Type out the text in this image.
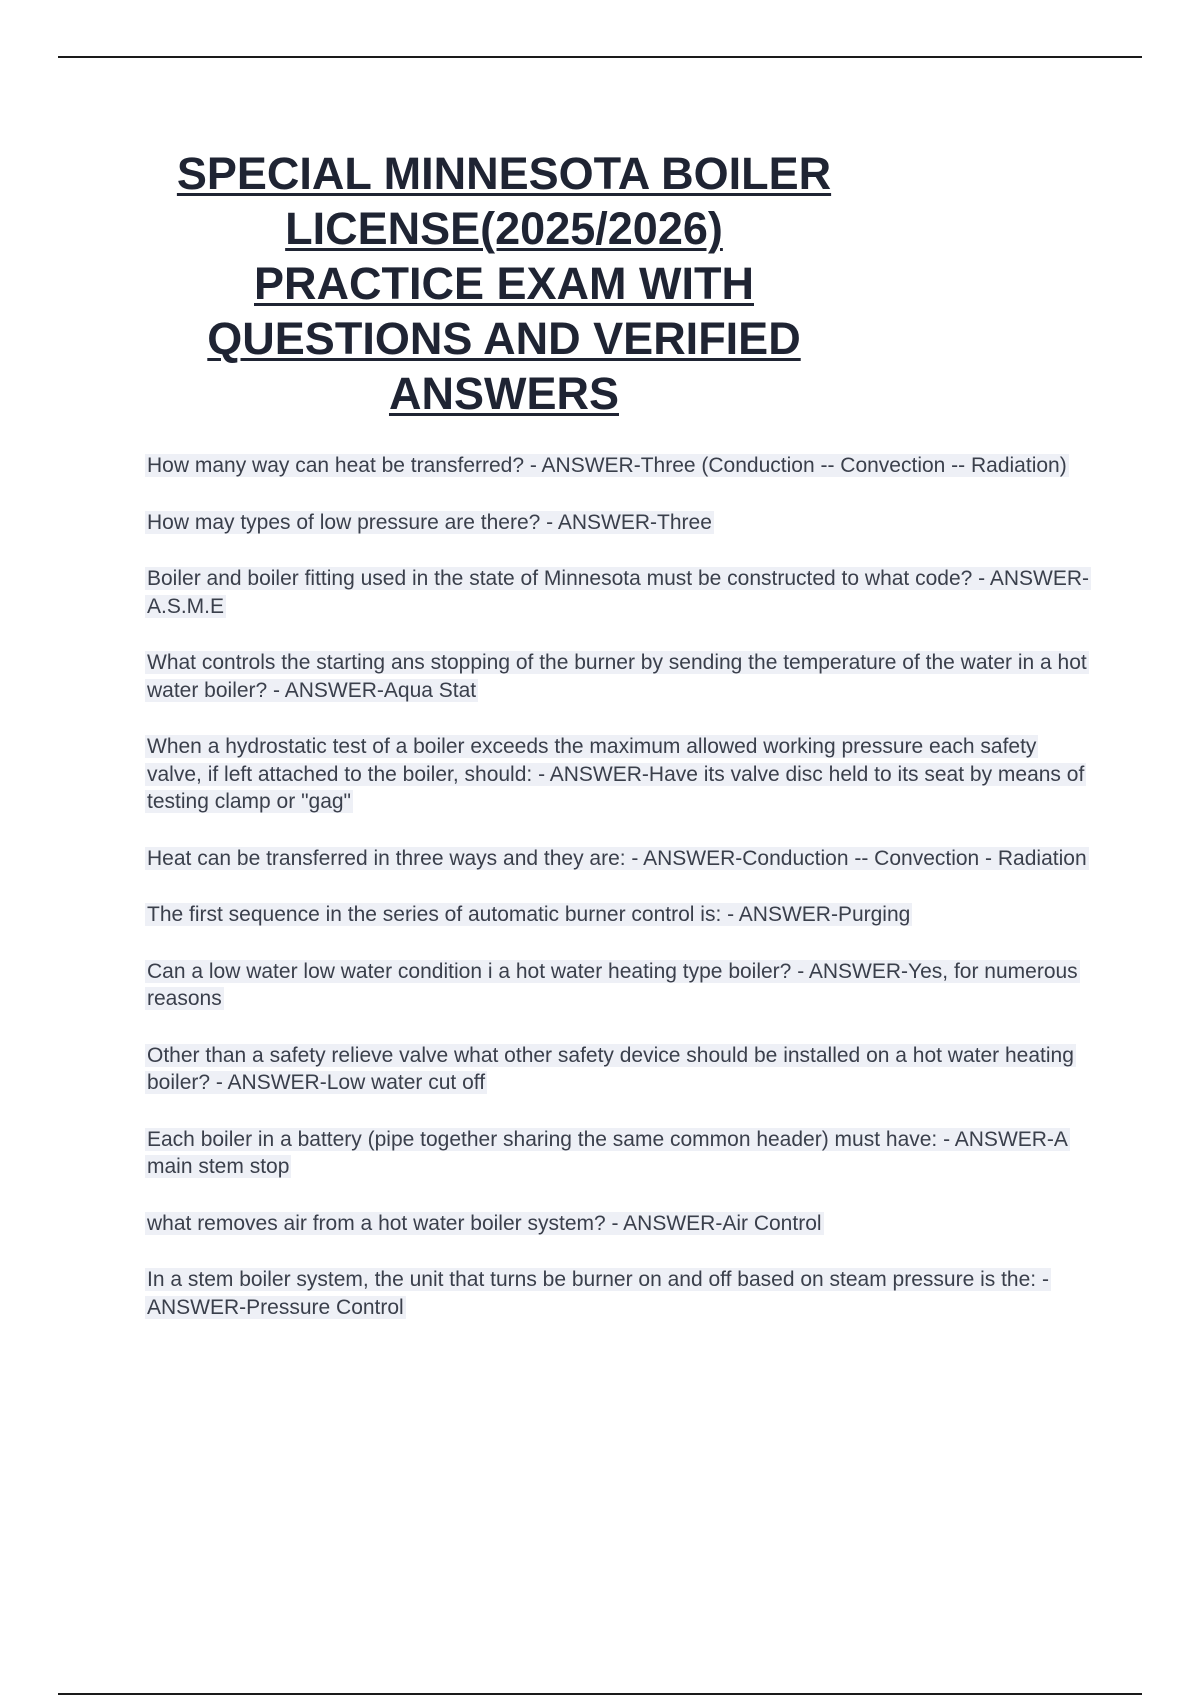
SPECIAL MINNESOTA BOILER
LICENSE(2025/2026)
PRACTICE EXAM WITH
QUESTIONS AND VERIFIED
ANSWERS

How many way can heat be transferred? - ANSWER-Three (Conduction -- Convection -- Radiation)

How may types of low pressure are there? - ANSWER-Three

Boiler and boiler fitting used in the state of Minnesota must be constructed to what code? - ANSWER-A.S.M.E

What controls the starting ans stopping of the burner by sending the temperature of the water in a hot water boiler? - ANSWER-Aqua Stat

When a hydrostatic test of a boiler exceeds the maximum allowed working pressure each safety valve, if left attached to the boiler, should: - ANSWER-Have its valve disc held to its seat by means of testing clamp or "gag"

Heat can be transferred in three ways and they are: - ANSWER-Conduction -- Convection - Radiation

The first sequence in the series of automatic burner control is: - ANSWER-Purging

Can a low water low water condition i a hot water heating type boiler? - ANSWER-Yes, for numerous reasons

Other than a safety relieve valve what other safety device should be installed on a hot water heating boiler? - ANSWER-Low water cut off

Each boiler in a battery (pipe together sharing the same common header) must have: - ANSWER-A main stem stop

what removes air from a hot water boiler system? - ANSWER-Air Control

In a stem boiler system, the unit that turns be burner on and off based on steam pressure is the: - ANSWER-Pressure Control
